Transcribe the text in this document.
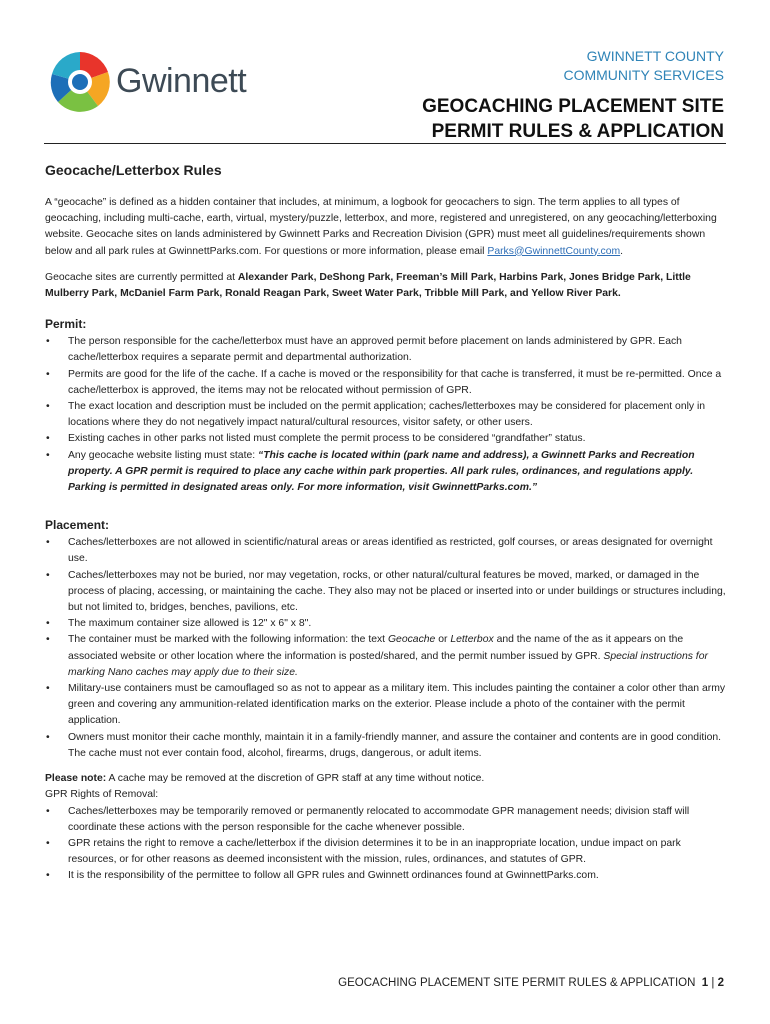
Gwinnett
GWINNETT COUNTY
COMMUNITY SERVICES
GEOCACHING PLACEMENT SITE
PERMIT RULES & APPLICATION
Geocache/Letterbox Rules

A “geocache” is defined as a hidden container that includes, at minimum, a logbook for geocachers to sign. The term applies to all types of geocaching, including multi-cache, earth, virtual, mystery/puzzle, letterbox, and more, registered and unregistered, on any geocaching/letterboxing website. Geocache sites on lands administered by Gwinnett Parks and Recreation Division (GPR) must meet all guidelines/requirements shown below and all park rules at GwinnettParks.com. For questions or more information, please email Parks@GwinnettCounty.com.

Geocache sites are currently permitted at Alexander Park, DeShong Park, Freeman’s Mill Park, Harbins Park, Jones Bridge Park, Little Mulberry Park, McDaniel Farm Park, Ronald Reagan Park, Sweet Water Park, Tribble Mill Park, and Yellow River Park.

Permit:
• The person responsible for the cache/letterbox must have an approved permit before placement on lands administered by GPR. Each cache/letterbox requires a separate permit and departmental authorization.
• Permits are good for the life of the cache. If a cache is moved or the responsibility for that cache is transferred, it must be re-permitted. Once a cache/letterbox is approved, the items may not be relocated without permission of GPR.
• The exact location and description must be included on the permit application; caches/letterboxes may be considered for placement only in locations where they do not negatively impact natural/cultural resources, visitor safety, or other users.
• Existing caches in other parks not listed must complete the permit process to be considered “grandfather” status.
• Any geocache website listing must state: “This cache is located within (park name and address), a Gwinnett Parks and Recreation property. A GPR permit is required to place any cache within park properties. All park rules, ordinances, and regulations apply. Parking is permitted in designated areas only. For more information, visit GwinnettParks.com.”
Placement:
• Caches/letterboxes are not allowed in scientific/natural areas or areas identified as restricted, golf courses, or areas designated for overnight use.
• Caches/letterboxes may not be buried, nor may vegetation, rocks, or other natural/cultural features be moved, marked, or damaged in the process of placing, accessing, or maintaining the cache. They also may not be placed or inserted into or under buildings or structures including, but not limited to, bridges, benches, pavilions, etc.
• The maximum container size allowed is 12" x 6" x 8".
• The container must be marked with the following information: the text Geocache or Letterbox and the name of the as it appears on the associated website or other location where the information is posted/shared, and the permit number issued by GPR. Special instructions for marking Nano caches may apply due to their size.
• Military-use containers must be camouflaged so as not to appear as a military item. This includes painting the container a color other than army green and covering any ammunition-related identification marks on the exterior. Please include a photo of the container with the permit application.
• Owners must monitor their cache monthly, maintain it in a family-friendly manner, and assure the container and contents are in good condition. The cache must not ever contain food, alcohol, firearms, drugs, dangerous, or adult items.

Please note: A cache may be removed at the discretion of GPR staff at any time without notice.

GPR Rights of Removal:

• Caches/letterboxes may be temporarily removed or permanently relocated to accommodate GPR management needs; division staff will coordinate these actions with the person responsible for the cache whenever possible.
• GPR retains the right to remove a cache/letterbox if the division determines it to be in an inappropriate location, undue impact on park resources, or for other reasons as deemed inconsistent with the mission, rules, ordinances, and statutes of GPR.
• It is the responsibility of the permittee to follow all GPR rules and Gwinnett ordinances found at GwinnettParks.com.
GEOCACHING PLACEMENT SITE PERMIT RULES & APPLICATION 1 | 2
